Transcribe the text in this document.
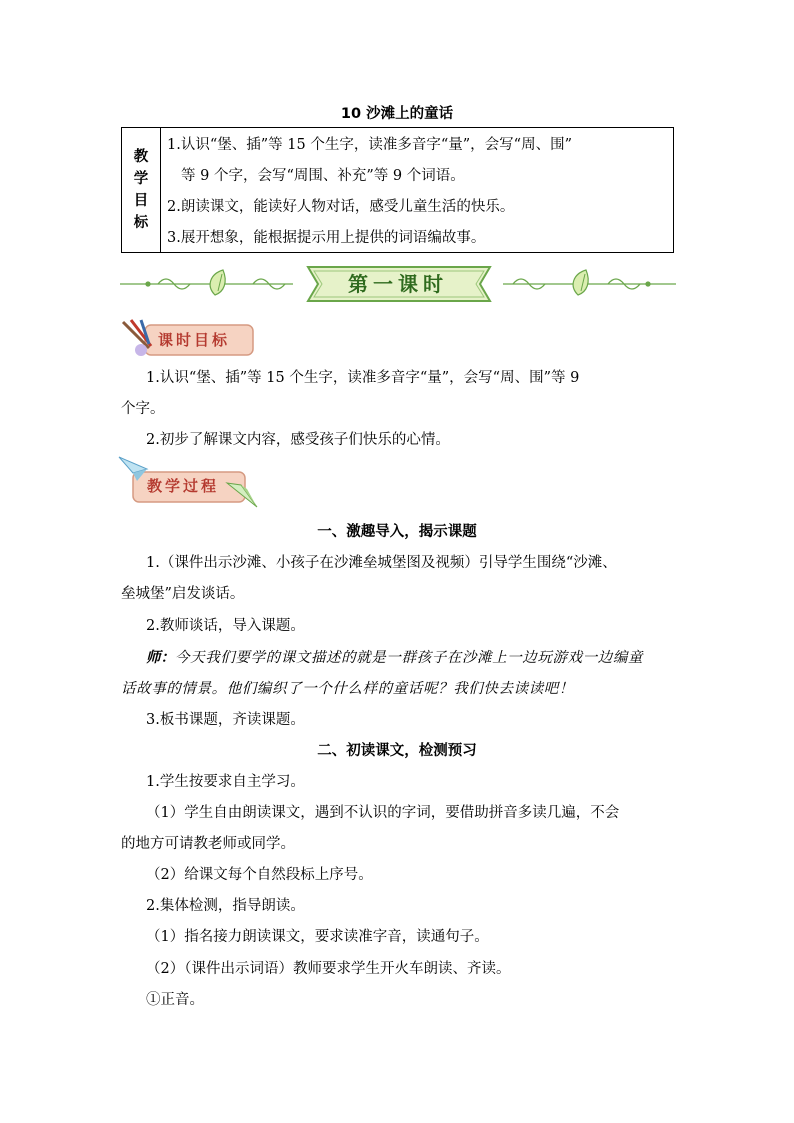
10 沙滩上的童话
教
学
目
标
1.认识“堡、插”等 15 个生字，读准多音字“量”，会写“周、围”
等 9 个字，会写“周围、补充”等 9 个词语。
2.朗读课文，能读好人物对话，感受儿童生活的快乐。
3.展开想象，能根据提示用上提供的词语编故事。
第一课时
课时目标
1.认识“堡、插”等 15 个生字，读准多音字“量”，会写“周、围”等 9
个字。
2.初步了解课文内容，感受孩子们快乐的心情。
教学过程
一、激趣导入，揭示课题
1.（课件出示沙滩、小孩子在沙滩垒城堡图及视频）引导学生围绕“沙滩、
垒城堡”启发谈话。
2.教师谈话，导入课题。
师：今天我们要学的课文描述的就是一群孩子在沙滩上一边玩游戏一边编童
话故事的情景。他们编织了一个什么样的童话呢？我们快去读读吧！
3.板书课题，齐读课题。
二、初读课文，检测预习
1.学生按要求自主学习。
（1）学生自由朗读课文，遇到不认识的字词，要借助拼音多读几遍，不会
的地方可请教老师或同学。
（2）给课文每个自然段标上序号。
2.集体检测，指导朗读。
（1）指名接力朗读课文，要求读准字音，读通句子。
（2）（课件出示词语）教师要求学生开火车朗读、齐读。
①正音。
